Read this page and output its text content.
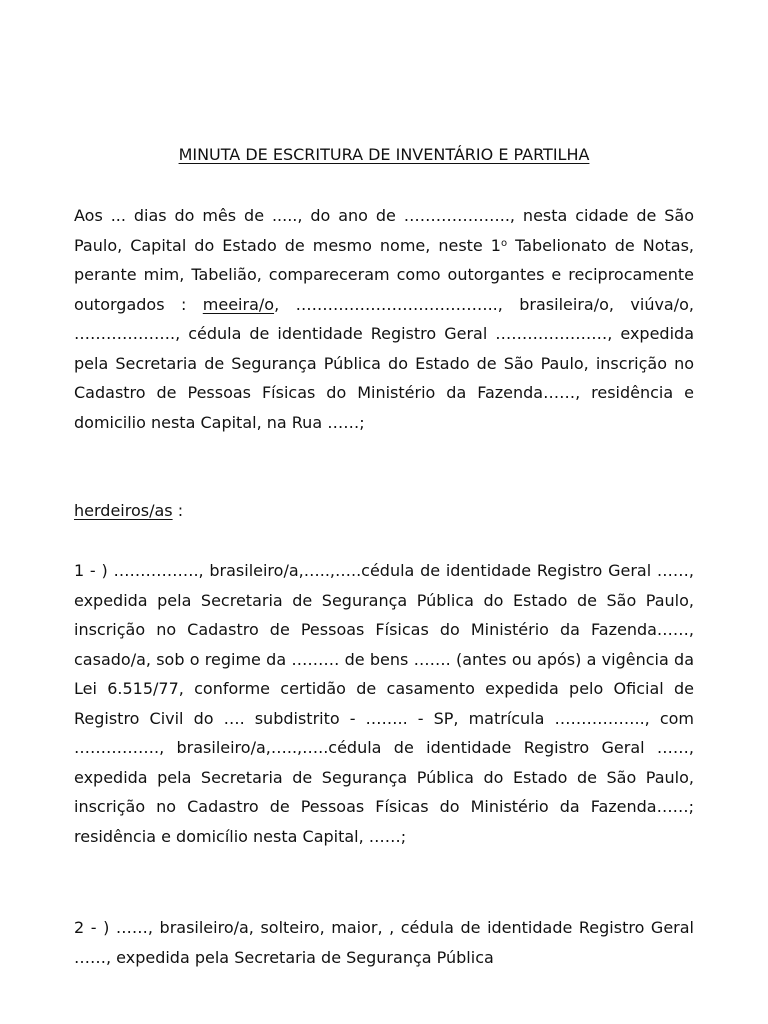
MINUTA DE ESCRITURA DE INVENTÁRIO E PARTILHA
Aos ... dias do mês de ....., do ano de ……………….., nesta cidade de São Paulo, Capital do Estado de mesmo nome, neste 1$^o$ Tabelionato de Notas, perante mim, Tabelião, compareceram como outorgantes e reciprocamente outorgados : meeira/o, ……………………………….., brasileira/o, viúva/o, ………………., cédula de identidade Registro Geral …………………, expedida pela Secretaria de Segurança Pública do Estado de São Paulo, inscrição no Cadastro de Pessoas Físicas do Ministério da Fazenda……, residência e domicilio nesta Capital, na Rua ……;
herdeiros/as :
1 - ) ……………., brasileiro/a,…..,…..cédula de identidade Registro Geral ……, expedida pela Secretaria de Segurança Pública do Estado de São Paulo, inscrição no Cadastro de Pessoas Físicas do Ministério da Fazenda……, casado/a, sob o regime da ……… de bens ……. (antes ou após) a vigência da Lei 6.515/77, conforme certidão de casamento expedida pelo Oficial de Registro Civil do …. subdistrito - …….. - SP, matrícula …………….., com ……………., brasileiro/a,…..,…..cédula de identidade Registro Geral ……, expedida pela Secretaria de Segurança Pública do Estado de São Paulo, inscrição no Cadastro de Pessoas Físicas do Ministério da Fazenda……; residência e domicílio nesta Capital, ……;
2 - ) ……, brasileiro/a, solteiro, maior, , cédula de identidade Registro Geral ……, expedida pela Secretaria de Segurança Pública
